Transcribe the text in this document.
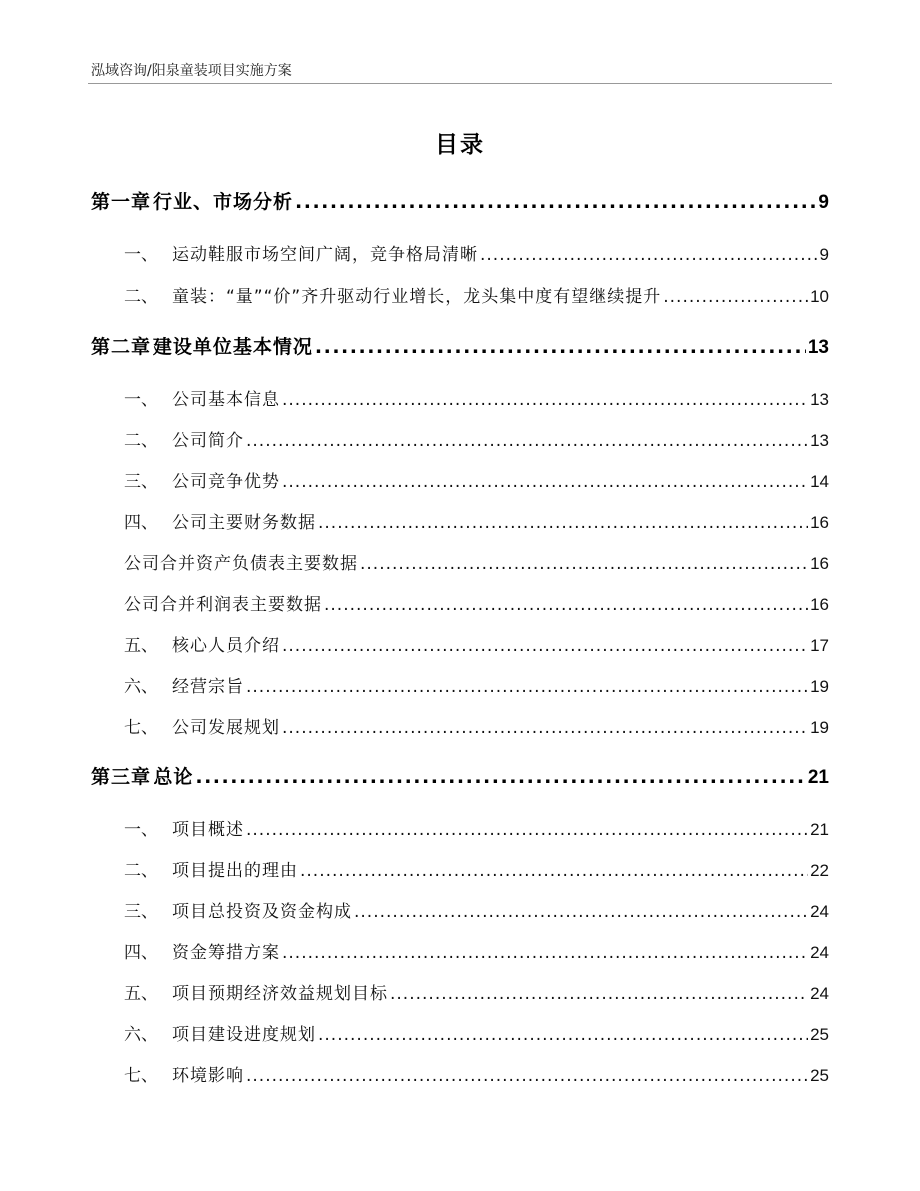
泓域咨询/阳泉童装项目实施方案
目录
第一章 行业、市场分析 .....	9
一、 运动鞋服市场空间广阔，竞争格局清晰 .....	9
二、 童装：“量”“价”齐升驱动行业增长，龙头集中度有望继续提升 .....	10
第二章 建设单位基本情况 .....	13
一、 公司基本信息 .....	13
二、 公司简介 .....	13
三、 公司竞争优势 .....	14
四、 公司主要财务数据 .....	16
公司合并资产负债表主要数据 .....	16
公司合并利润表主要数据 .....	16
五、 核心人员介绍 .....	17
六、 经营宗旨 .....	19
七、 公司发展规划 .....	19
第三章 总论 .....	21
一、 项目概述 .....	21
二、 项目提出的理由 .....	22
三、 项目总投资及资金构成 .....	24
四、 资金筹措方案 .....	24
五、 项目预期经济效益规划目标 .....	24
六、 项目建设进度规划 .....	25
七、 环境影响 .....	25
